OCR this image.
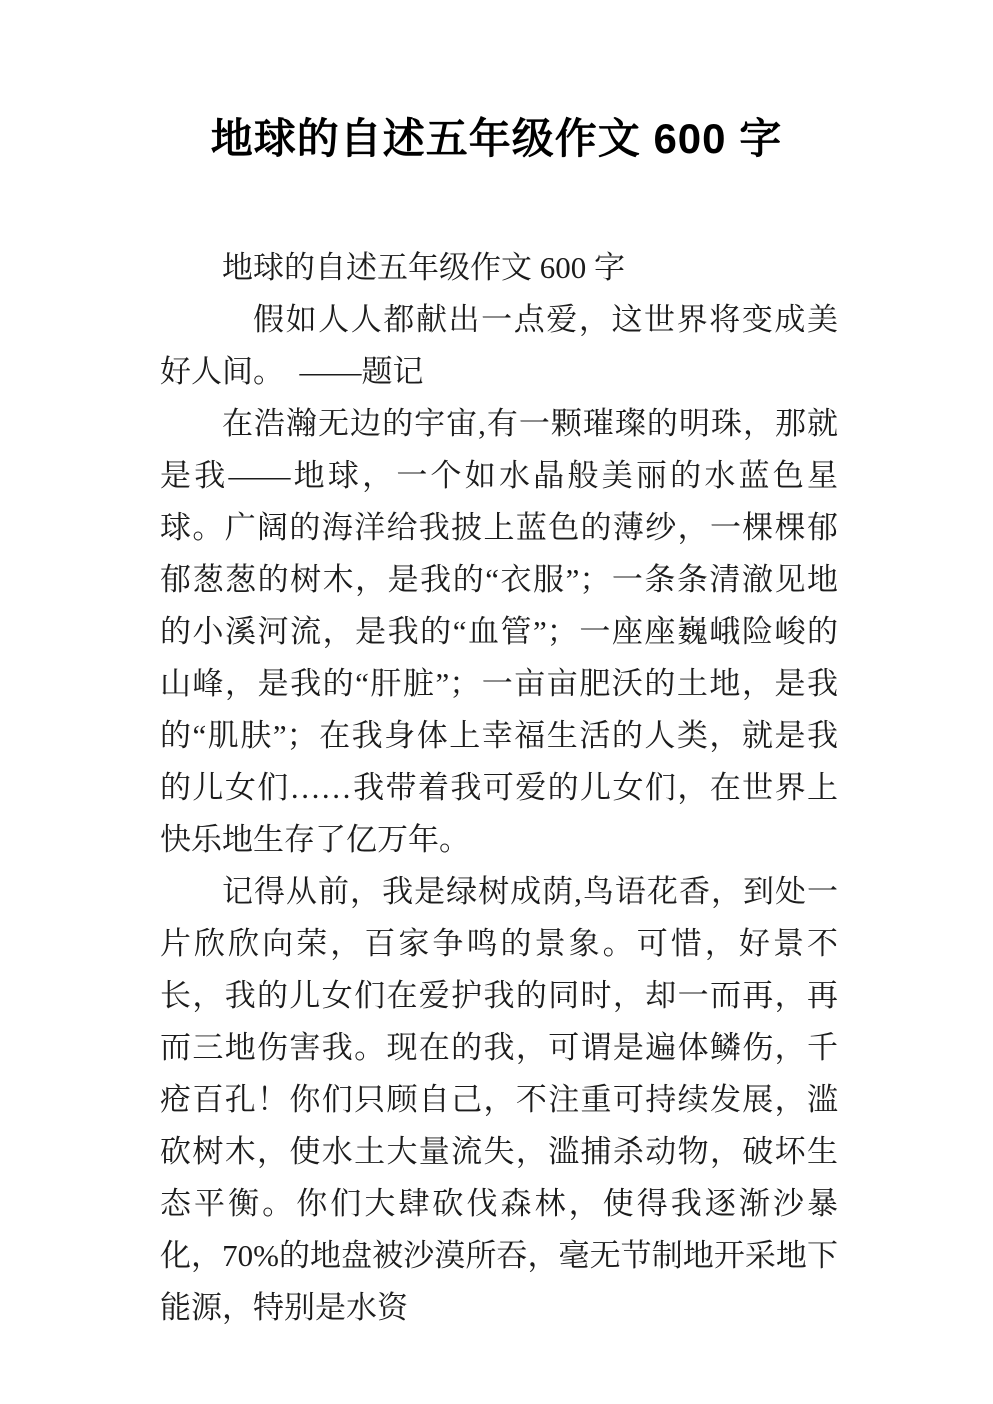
地球的自述五年级作文 600 字

地球的自述五年级作文 600 字

假如人人都献出一点爱，这世界将变成美好人间。　——题记

在浩瀚无边的宇宙,有一颗璀璨的明珠，那就是我——地球，一个如水晶般美丽的水蓝色星球。广阔的海洋给我披上蓝色的薄纱，一棵棵郁郁葱葱的树木，是我的“衣服”；一条条清澈见地的小溪河流，是我的“血管”；一座座巍峨险峻的山峰，是我的“肝脏”；一亩亩肥沃的土地，是我的“肌肤”；在我身体上幸福生活的人类，就是我的儿女们……我带着我可爱的儿女们，在世界上快乐地生存了亿万年。

记得从前，我是绿树成荫,鸟语花香，到处一片欣欣向荣，百家争鸣的景象。可惜，好景不长，我的儿女们在爱护我的同时，却一而再，再而三地伤害我。现在的我，可谓是遍体鳞伤，千疮百孔！你们只顾自己，不注重可持续发展，滥砍树木，使水土大量流失，滥捕杀动物，破坏生态平衡。你们大肆砍伐森林，使得我逐渐沙暴化，70%的地盘被沙漠所吞，毫无节制地开采地下能源，特别是水资
